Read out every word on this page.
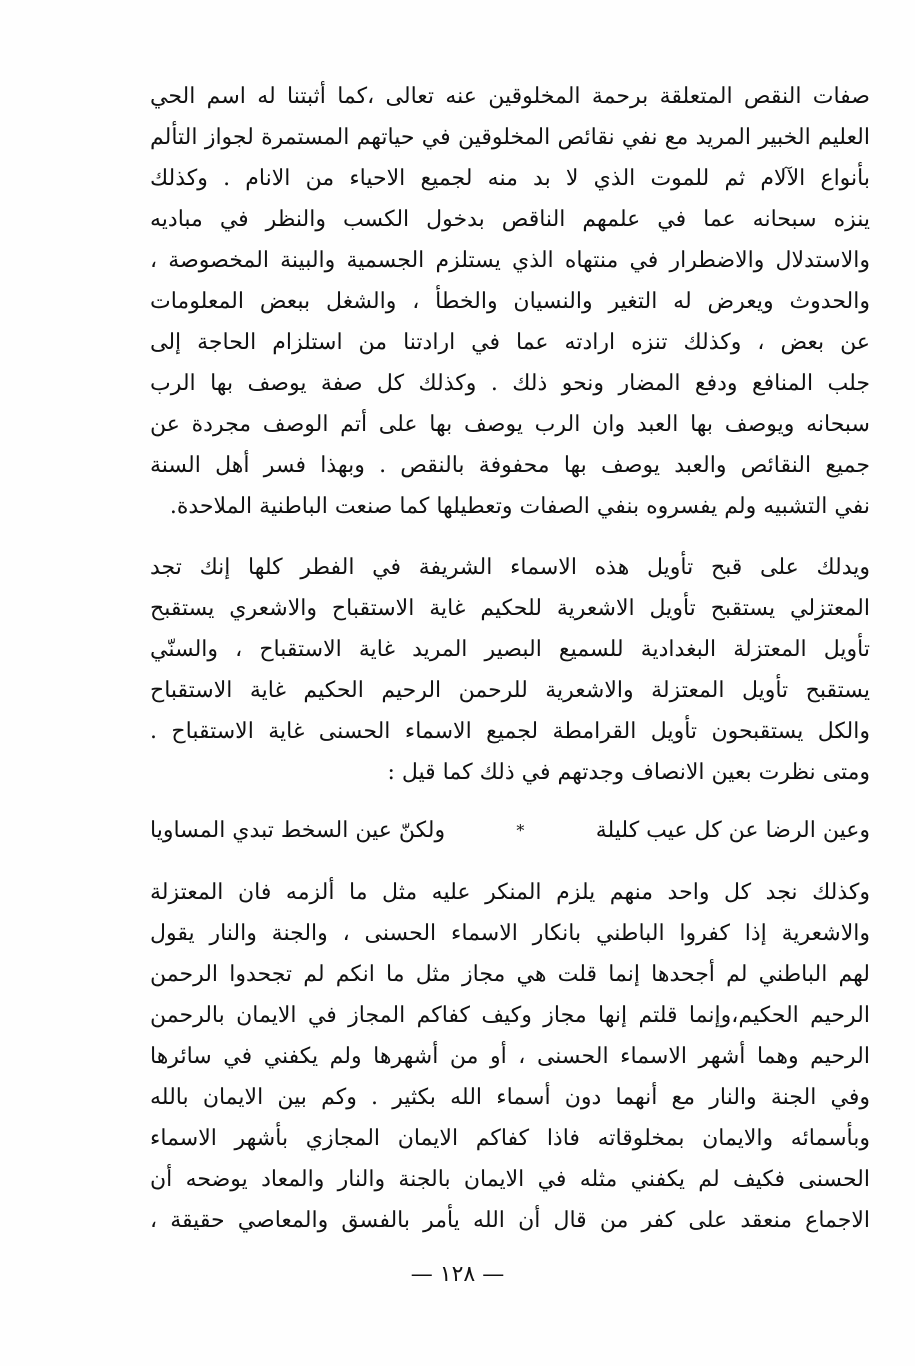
صفات النقص المتعلقة برحمة المخلوقين عنه تعالى ،كما أثبتنا له اسم الحي
العليم الخبير المريد مع نفي نقائص المخلوقين في حياتهم المستمرة لجواز التألم
بأنواع الآلام ثم للموت الذي لا بد منه لجميع الاحياء من الانام . وكذلك
ينزه سبحانه عما في علمهم الناقص بدخول الكسب والنظر في مباديه
والاستدلال والاضطرار في منتهاه الذي يستلزم الجسمية والبينة المخصوصة ،
والحدوث ويعرض له التغير والنسيان والخطأ ، والشغل ببعض المعلومات
عن بعض ، وكذلك تنزه ارادته عما في ارادتنا من استلزام الحاجة إلى
جلب المنافع ودفع المضار ونحو ذلك . وكذلك كل صفة يوصف بها الرب
سبحانه ويوصف بها العبد وان الرب يوصف بها على أتم الوصف مجردة عن
جميع النقائص والعبد يوصف بها محفوفة بالنقص . وبهذا فسر أهل السنة
نفي التشبيه ولم يفسروه بنفي الصفات وتعطيلها كما صنعت الباطنية الملاحدة.
ويدلك على قبح تأويل هذه الاسماء الشريفة في الفطر كلها إنك تجد
المعتزلي يستقبح تأويل الاشعرية للحكيم غاية الاستقباح والاشعري يستقبح
تأويل المعتزلة البغدادية للسميع البصير المريد غاية الاستقباح ، والسنّي
يستقبح تأويل المعتزلة والاشعرية للرحمن الرحيم الحكيم غاية الاستقباح
والكل يستقبحون تأويل القرامطة لجميع الاسماء الحسنى غاية الاستقباح .
ومتى نظرت بعين الانصاف وجدتهم في ذلك كما قيل :
وعين الرضا عن كل عيب كليلة
*
ولكنّ عين السخط تبدي المساويا
وكذلك نجد كل واحد منهم يلزم المنكر عليه مثل ما ألزمه فان المعتزلة
والاشعرية إذا كفروا الباطني بانكار الاسماء الحسنى ، والجنة والنار يقول
لهم الباطني لم أجحدها إنما قلت هي مجاز مثل ما انكم لم تجحدوا الرحمن
الرحيم الحكيم،وإنما قلتم إنها مجاز وكيف كفاكم المجاز في الايمان بالرحمن
الرحيم وهما أشهر الاسماء الحسنى ، أو من أشهرها ولم يكفني في سائرها
وفي الجنة والنار مع أنهما دون أسماء الله بكثير . وكم بين الايمان بالله
وبأسمائه والايمان بمخلوقاته فاذا كفاكم الايمان المجازي بأشهر الاسماء
الحسنى فكيف لم يكفني مثله في الايمان بالجنة والنار والمعاد يوضحه أن
الاجماع منعقد على كفر من قال أن الله يأمر بالفسق والمعاصي حقيقة ،
— ١٢٨ —
